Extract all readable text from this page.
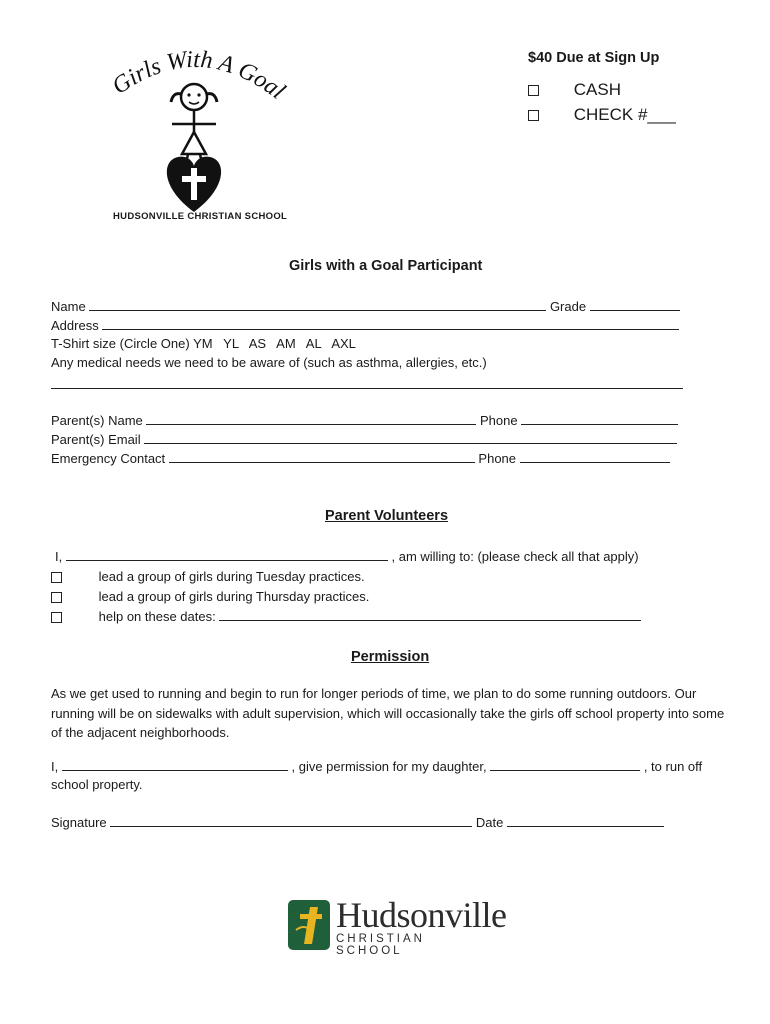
Girls With A Goal
HUDSONVILLE CHRISTIAN SCHOOL
$40 Due at Sign Up
CASH
CHECK #___
Girls with a Goal Participant
Name	Grade
Address
T-Shirt size (Circle One) YM   YL   AS   AM   AL   AXL
Any medical needs we need to be aware of (such as asthma, allergies, etc.)
Parent(s) Name	Phone
Parent(s) Email
Emergency Contact	Phone
Parent Volunteers
I,	, am willing to: (please check all that apply)
lead a group of girls during Tuesday practices.
lead a group of girls during Thursday practices.
help on these dates:
Permission
As we get used to running and begin to run for longer periods of time, we plan to do some running outdoors. Our running will be on sidewalks with adult supervision, which will occasionally take the girls off school property into some of the adjacent neighborhoods.
I,	, give permission for my daughter,	, to run off
school property.
Signature	Date
Hudsonville
CHRISTIAN SCHOOL
